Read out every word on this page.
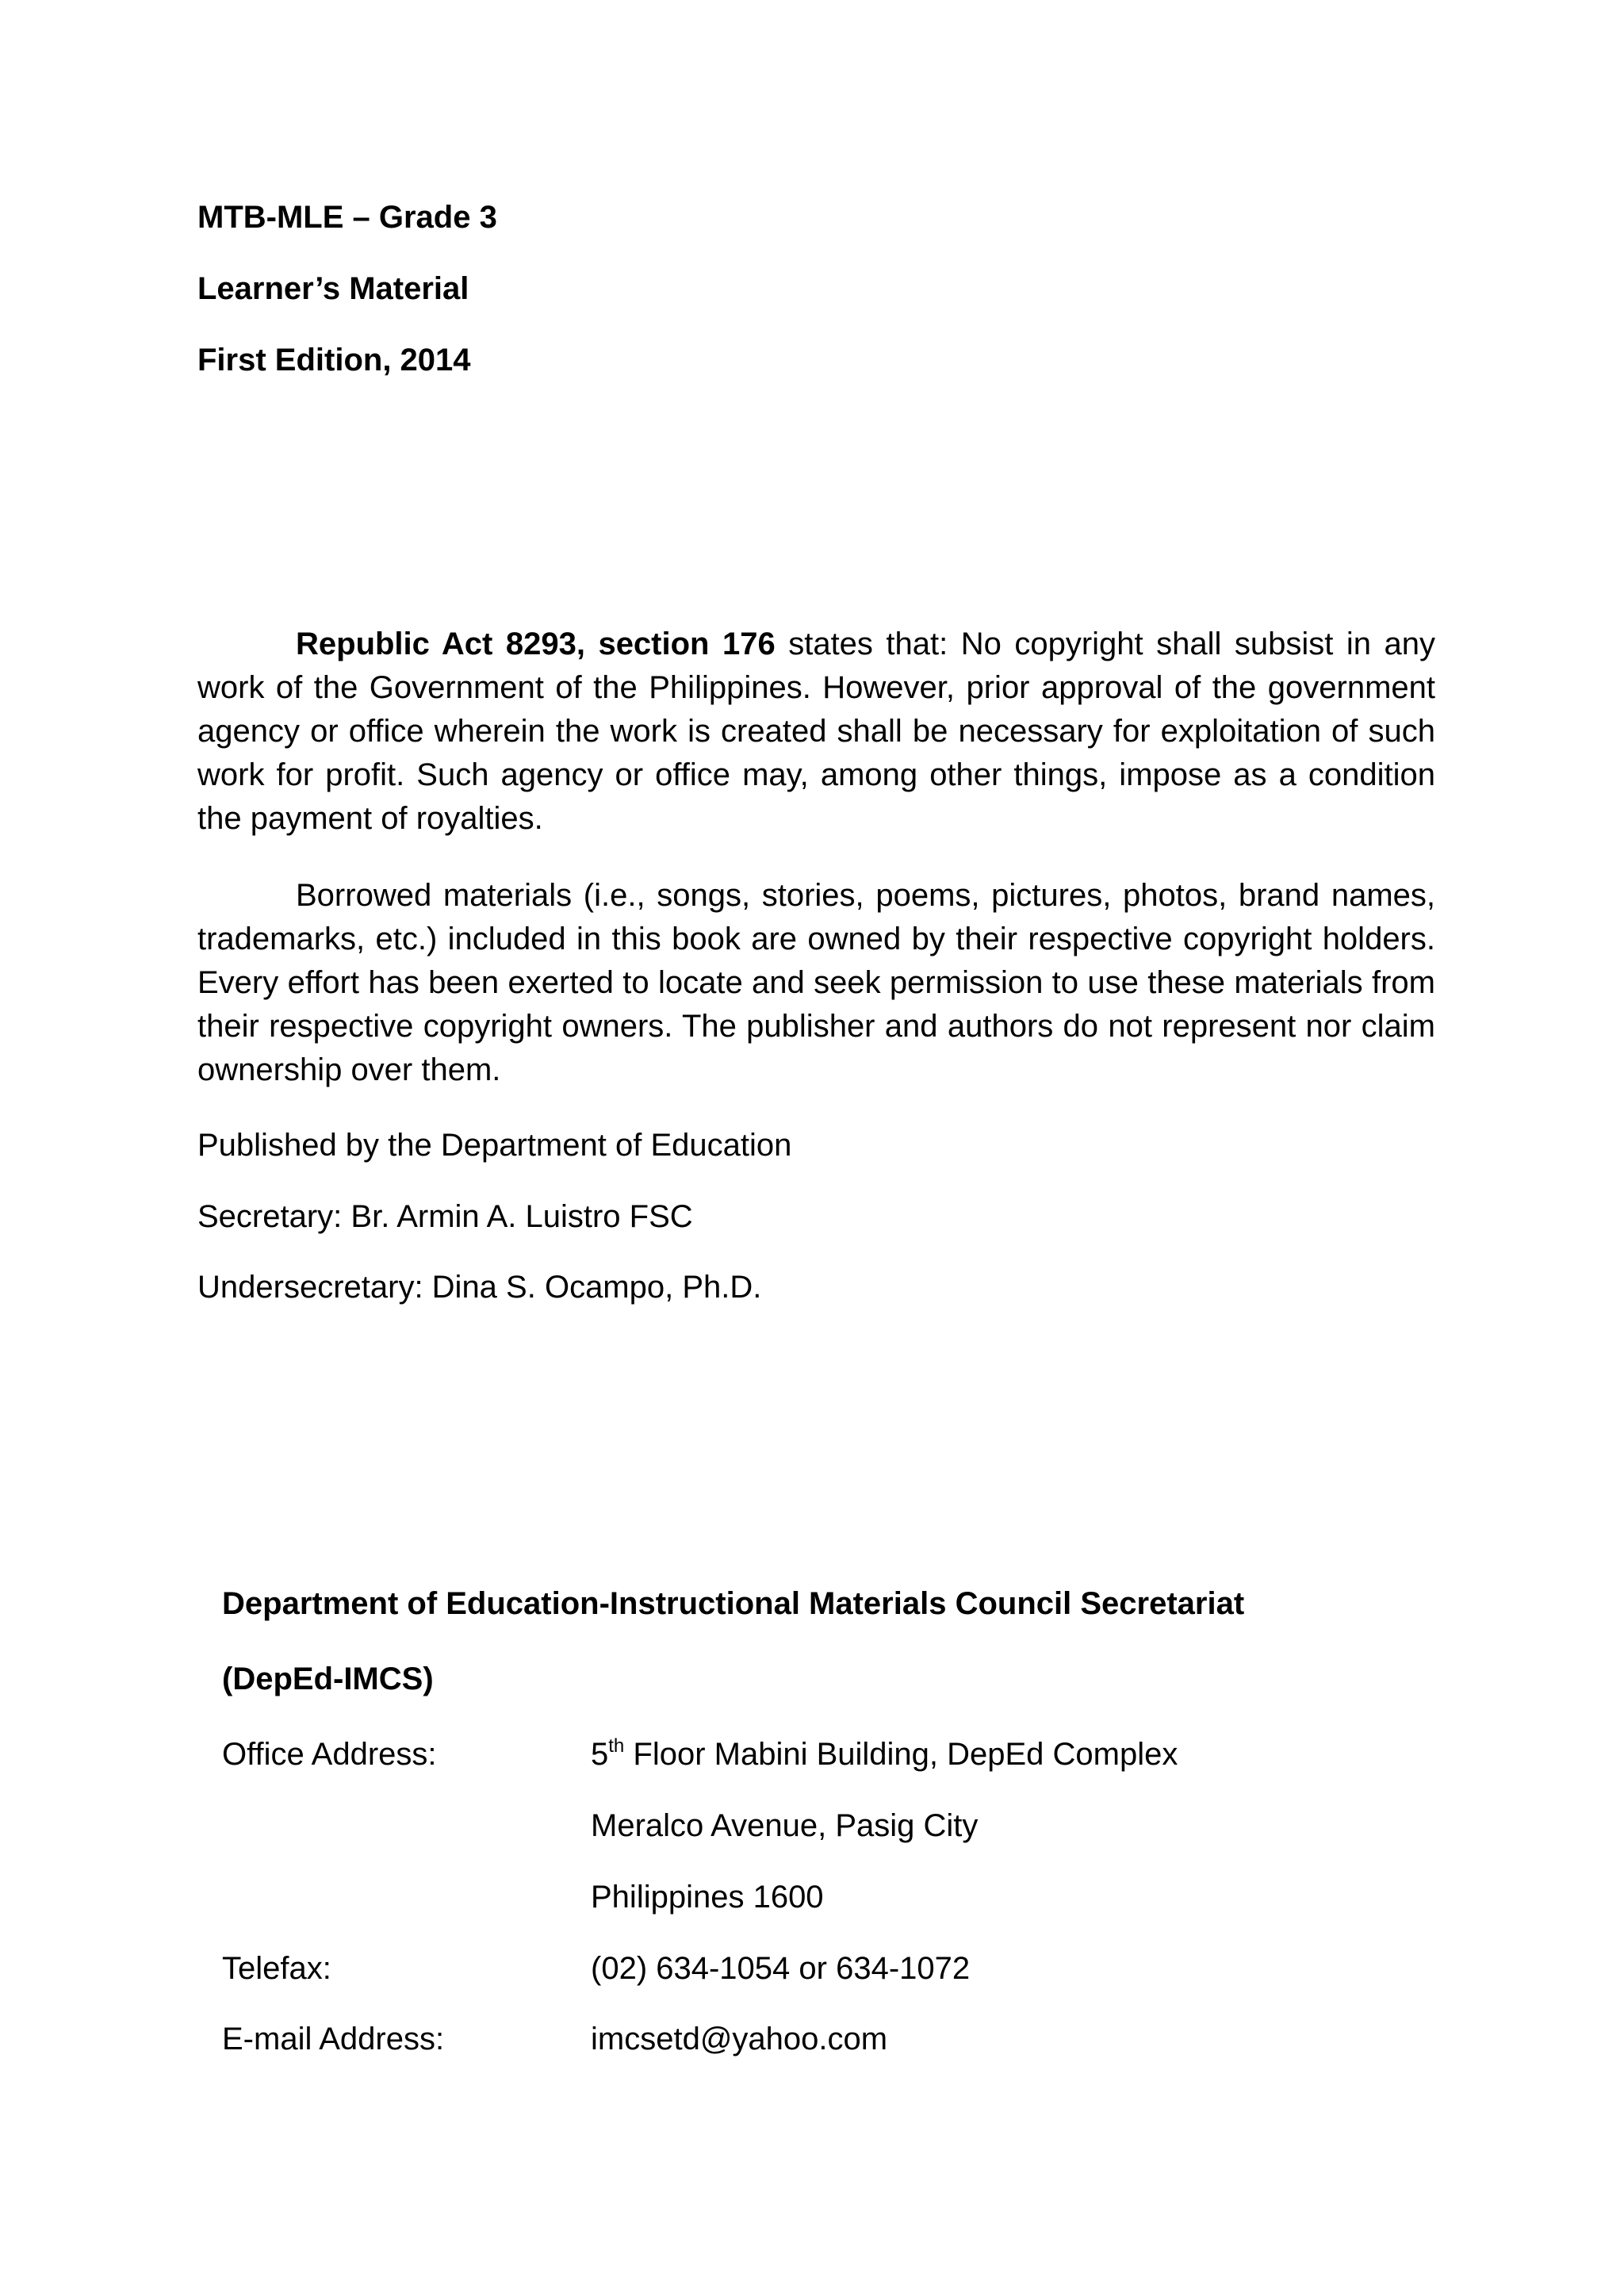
MTB-MLE – Grade 3
Learner’s Material
First Edition, 2014

Republic Act 8293, section 176 states that: No copyright shall subsist in any work of the Government of the Philippines. However, prior approval of the government agency or office wherein the work is created shall be necessary for exploitation of such work for profit. Such agency or office may, among other things, impose as a condition the payment of royalties.

Borrowed materials (i.e., songs, stories, poems, pictures, photos, brand names, trademarks, etc.) included in this book are owned by their respective copyright holders. Every effort has been exerted to locate and seek permission to use these materials from their respective copyright owners. The publisher and authors do not represent nor claim ownership over them.

Published by the Department of Education
Secretary: Br. Armin A. Luistro FSC
Undersecretary: Dina S. Ocampo, Ph.D.
Department of Education-Instructional Materials Council Secretariat
(DepEd-IMCS)
Office Address:	5th Floor Mabini Building, DepEd Complex
Meralco Avenue, Pasig City
Philippines 1600
Telefax:	(02) 634-1054 or 634-1072
E-mail Address:	imcsetd@yahoo.com
